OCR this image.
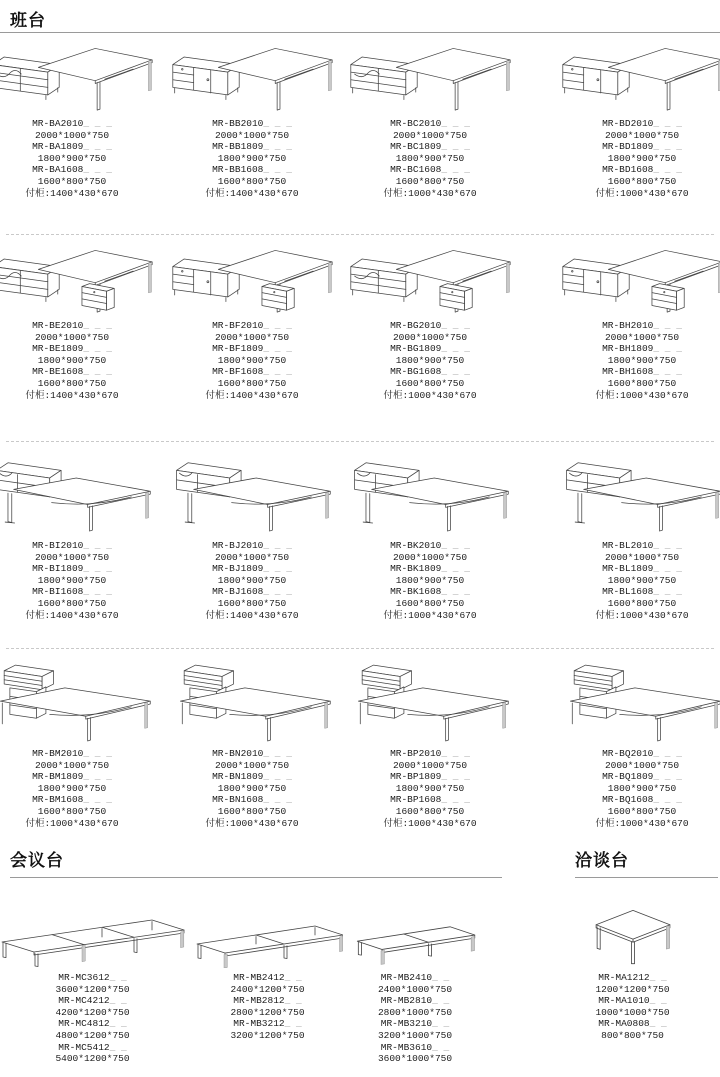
班台
MR-BA2010_ _ _
2000*1000*750
MR-BA1809_ _ _
1800*900*750
MR-BA1608_ _ _
1600*800*750
付柜:1400*430*670
MR-BB2010_ _ _
2000*1000*750
MR-BB1809_ _ _
1800*900*750
MR-BB1608_ _ _
1600*800*750
付柜:1400*430*670
MR-BC2010_ _ _
2000*1000*750
MR-BC1809_ _ _
1800*900*750
MR-BC1608_ _ _
1600*800*750
付柜:1000*430*670
MR-BD2010_ _ _
2000*1000*750
MR-BD1809_ _ _
1800*900*750
MR-BD1608_ _ _
1600*800*750
付柜:1000*430*670
MR-BE2010_ _ _
2000*1000*750
MR-BE1809_ _ _
1800*900*750
MR-BE1608_ _ _
1600*800*750
付柜:1400*430*670
MR-BF2010_ _ _
2000*1000*750
MR-BF1809_ _ _
1800*900*750
MR-BF1608_ _ _
1600*800*750
付柜:1400*430*670
MR-BG2010_ _ _
2000*1000*750
MR-BG1809_ _ _
1800*900*750
MR-BG1608_ _ _
1600*800*750
付柜:1000*430*670
MR-BH2010_ _ _
2000*1000*750
MR-BH1809_ _ _
1800*900*750
MR-BH1608_ _ _
1600*800*750
付柜:1000*430*670
MR-BI2010_ _ _
2000*1000*750
MR-BI1809_ _ _
1800*900*750
MR-BI1608_ _ _
1600*800*750
付柜:1400*430*670
MR-BJ2010_ _ _
2000*1000*750
MR-BJ1809_ _ _
1800*900*750
MR-BJ1608_ _ _
1600*800*750
付柜:1400*430*670
MR-BK2010_ _ _
2000*1000*750
MR-BK1809_ _ _
1800*900*750
MR-BK1608_ _ _
1600*800*750
付柜:1000*430*670
MR-BL2010_ _ _
2000*1000*750
MR-BL1809_ _ _
1800*900*750
MR-BL1608_ _ _
1600*800*750
付柜:1000*430*670
MR-BM2010_ _ _
2000*1000*750
MR-BM1809_ _ _
1800*900*750
MR-BM1608_ _ _
1600*800*750
付柜:1000*430*670
MR-BN2010_ _ _
2000*1000*750
MR-BN1809_ _ _
1800*900*750
MR-BN1608_ _ _
1600*800*750
付柜:1000*430*670
MR-BP2010_ _ _
2000*1000*750
MR-BP1809_ _ _
1800*900*750
MR-BP1608_ _ _
1600*800*750
付柜:1000*430*670
MR-BQ2010_ _ _
2000*1000*750
MR-BQ1809_ _ _
1800*900*750
MR-BQ1608_ _ _
1600*800*750
付柜:1000*430*670
会议台	洽谈台
MR-MC3612_ _
3600*1200*750
MR-MC4212_ _
4200*1200*750
MR-MC4812_ _
4800*1200*750
MR-MC5412_ _
5400*1200*750
MR-MB2412_ _
2400*1200*750
MR-MB2812_ _
2800*1200*750
MR-MB3212_ _
3200*1200*750
MR-MB2410_ _
2400*1000*750
MR-MB2810_ _
2800*1000*750
MR-MB3210_ _
3200*1000*750
MR-MB3610_ _
3600*1000*750
MR-MA1212_ _
1200*1200*750
MR-MA1010_ _
1000*1000*750
MR-MA0808_ _
800*800*750
